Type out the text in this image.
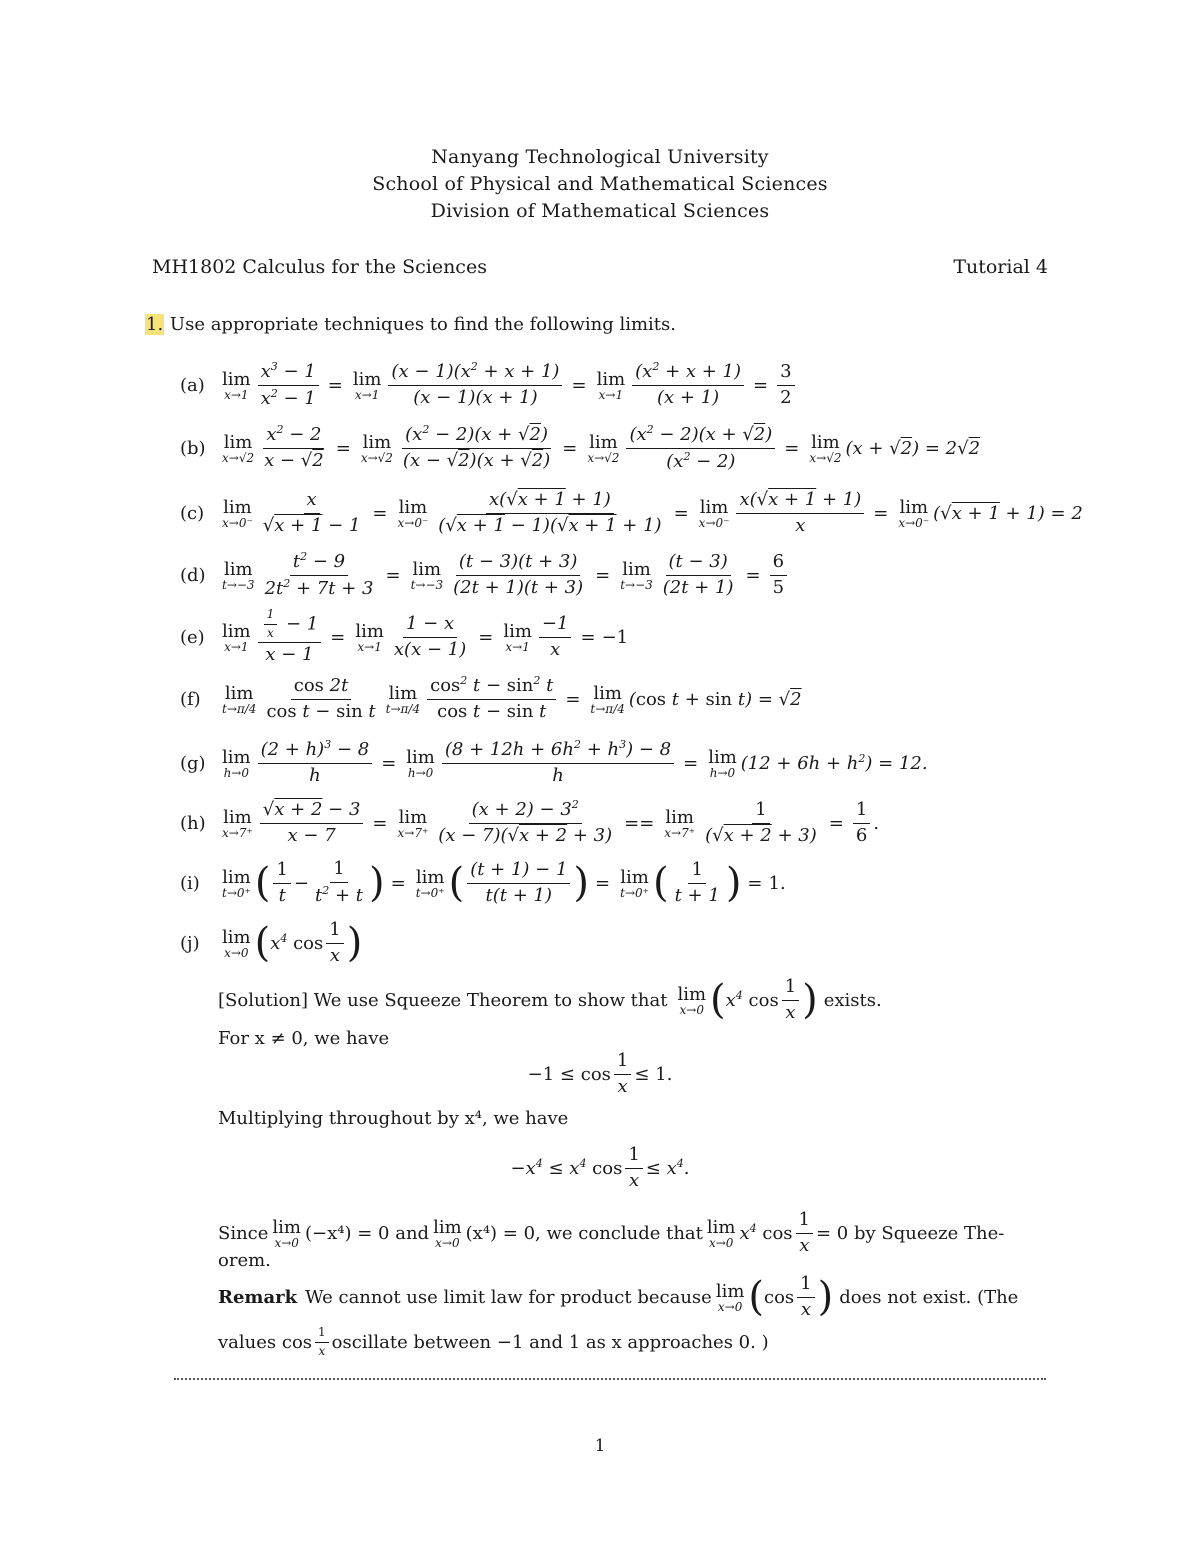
Nanyang Technological University
School of Physical and Mathematical Sciences
Division of Mathematical Sciences
MH1802 Calculus for the Sciences	Tutorial 4
1. Use appropriate techniques to find the following limits.
(a) lim
$x\to 1 \frac{x^3 - 1}{x^2 - 1} = \lim$
$x\to 1 \frac{(x - 1)(x^2 + x + 1)}{(x - 1)(x + 1)} = \lim$
$x\to 1 \frac{(x^2 + x + 1)}{(x + 1)} = \frac{3}{2}$
(b)	lim
$x\to√2 \frac{x^2 - 2}{x - √2} = \lim$
$x\to√2 \frac{(x^2 - 2)(x + √2)}{(x - √2)(x + √2)} = \lim$
$x\to√2 \frac{(x^2 - 2)(x + √2)}{(x^2 - 2)} = \lim$
x→√2 (x + √2) = 2√2
(c)	lim
$x\to 0^- \frac{x}{√x + 1 - 1} = \lim$
$x\to 0^- \frac{x(√x + 1 + 1)}{(√x + 1 - 1)(√x + 1 + 1)} = \lim$
$x\to 0^- \frac{x(√x + 1 + 1)}{x} = \lim$
x→0⁻ (√x + 1 + 1) = 2
(d)	lim
$t\to-3 \frac{t^2 - 9}{2t^2 + 7t + 3} = \lim$
$t\to-3 \frac{(t - 3)(t + 3)}{(2t + 1)(t + 3)} = \lim$
$t\to-3 \frac{(t - 3)}{(2t + 1)} = \frac{6}{5}$
(e) lim
$x\to 1 \frac{\frac{1}{x} - 1}{x - 1} = \lim$
$x\to 1 \frac{1 - x}{x(x - 1)} = \lim$
$x\to 1 \frac{-1}{x} = -1$
(f)	lim
$t\to\pi/4 \frac{\cos 2t}{\text{cos t − sin t}}$ lim
$t\to\pi/4 \frac{\cos^2 t - \sin^2 t}{\text{cos t − sin t}} = \lim$
t→π/4 (cos t + sin t) = √2
(g) lim
$h\to 0 \frac{(2 + h)^3 - 8}{h} = \lim$
$h\to 0 \frac{(8 + 12h + 6h^2 + h^3) - 8}{h} = \lim$
h→0 $(12 + 6h + h^2) = 12$.
(h) lim
$x\to 7^+ \frac{√x + 2 - 3}{x - 7} = \lim$
$x\to 7^+ \frac{(x + 2) - 3^2}{(x - 7)(√x + 2 + 3)} == \lim$
$x\to 7^+ \frac{1}{(√x + 2 + 3)} = \frac{1}{6}$ .
(i)	lim
t→0⁺ ( $\frac{1}{t} - \frac{1}{t^2 + t}$ ) = lim
t→0⁺ ( $\frac{(t + 1) - 1}{t(t + 1)}$ ) = lim
t→0⁺ ( $\frac{1}{t + 1}$ ) = 1.
(j)	lim
x→0 ( $x^4$ $\cos \frac{1}{x}$ )
[Solution] We use Squeeze Theorem to show that lim
x→0 ( $x^4$ $\cos \frac{1}{x}$ ) exists.
For x ≠ 0, we have
$-1 \le \cos \frac{1}{x} \le 1$.
Multiplying throughout by x⁴, we have
$-x^4 \le x^4$ $\cos \frac{1}{x} \le x^4$.
Since lim
x→0 (−x⁴) = 0 and lim
x→0 (x⁴) = 0, we conclude that lim
x→0 $x^4$ $\cos \frac{1}{x} = 0$ by Squeeze The-
orem.
Remark We cannot use limit law for product because lim
x→0 ( $\cos \frac{1}{x}$ ) does not exist. (The
values $\cos \frac{1}{x}$ oscillate between −1 and 1 as x approaches 0. )
1
